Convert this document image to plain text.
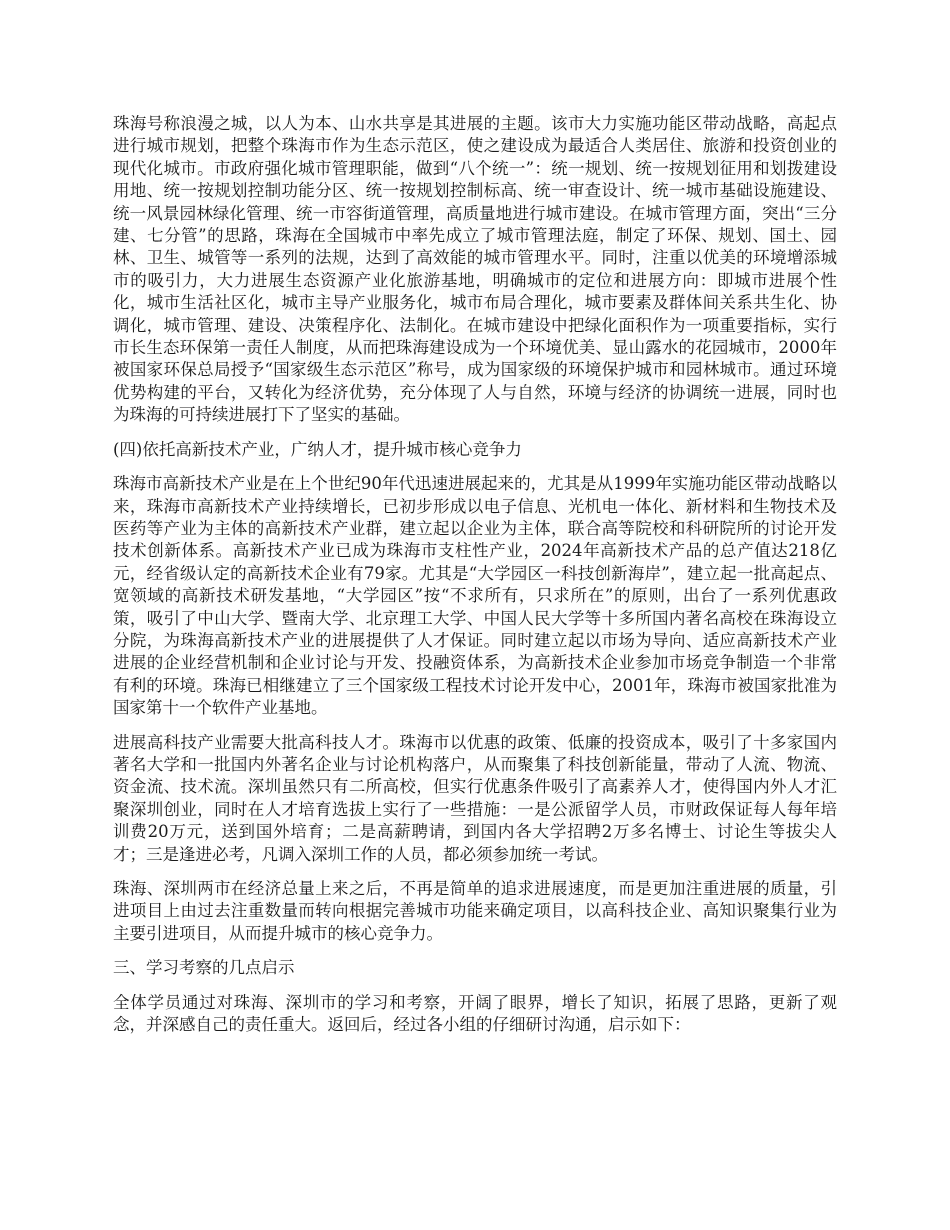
珠海号称浪漫之城，以人为本、山水共享是其进展的主题。该市大力实施功能区带动战略，高起点进行城市规划，把整个珠海市作为生态示范区，使之建设成为最适合人类居住、旅游和投资创业的现代化城市。市政府强化城市管理职能，做到“八个统一”：统一规划、统一按规划征用和划拨建设用地、统一按规划控制功能分区、统一按规划控制标高、统一审查设计、统一城市基础设施建设、统一风景园林绿化管理、统一市容街道管理，高质量地进行城市建设。在城市管理方面，突出“三分建、七分管”的思路，珠海在全国城市中率先成立了城市管理法庭，制定了环保、规划、国土、园林、卫生、城管等一系列的法规，达到了高效能的城市管理水平。同时，注重以优美的环境增添城市的吸引力，大力进展生态资源产业化旅游基地，明确城市的定位和进展方向：即城市进展个性化，城市生活社区化，城市主导产业服务化，城市布局合理化，城市要素及群体间关系共生化、协调化，城市管理、建设、决策程序化、法制化。在城市建设中把绿化面积作为一项重要指标，实行市长生态环保第一责任人制度，从而把珠海建设成为一个环境优美、显山露水的花园城市，2000年被国家环保总局授予“国家级生态示范区”称号，成为国家级的环境保护城市和园林城市。通过环境优势构建的平台，又转化为经济优势，充分体现了人与自然，环境与经济的协调统一进展，同时也为珠海的可持续进展打下了坚实的基础。

(四)依托高新技术产业，广纳人才，提升城市核心竞争力

珠海市高新技术产业是在上个世纪90年代迅速进展起来的，尤其是从1999年实施功能区带动战略以来，珠海市高新技术产业持续增长，已初步形成以电子信息、光机电一体化、新材料和生物技术及医药等产业为主体的高新技术产业群，建立起以企业为主体，联合高等院校和科研院所的讨论开发技术创新体系。高新技术产业已成为珠海市支柱性产业，2024年高新技术产品的总产值达218亿元，经省级认定的高新技术企业有79家。尤其是“大学园区一科技创新海岸”，建立起一批高起点、宽领域的高新技术研发基地，“大学园区”按“不求所有，只求所在”的原则，出台了一系列优惠政策，吸引了中山大学、暨南大学、北京理工大学、中国人民大学等十多所国内著名高校在珠海设立分院，为珠海高新技术产业的进展提供了人才保证。同时建立起以市场为导向、适应高新技术产业进展的企业经营机制和企业讨论与开发、投融资体系，为高新技术企业参加市场竞争制造一个非常有利的环境。珠海已相继建立了三个国家级工程技术讨论开发中心，2001年，珠海市被国家批准为国家第十一个软件产业基地。

进展高科技产业需要大批高科技人才。珠海市以优惠的政策、低廉的投资成本，吸引了十多家国内著名大学和一批国内外著名企业与讨论机构落户，从而聚集了科技创新能量，带动了人流、物流、资金流、技术流。深圳虽然只有二所高校，但实行优惠条件吸引了高素养人才，使得国内外人才汇聚深圳创业，同时在人才培育选拔上实行了一些措施：一是公派留学人员，市财政保证每人每年培训费20万元，送到国外培育；二是高薪聘请，到国内各大学招聘2万多名博士、讨论生等拔尖人才；三是逢进必考，凡调入深圳工作的人员，都必须参加统一考试。

珠海、深圳两市在经济总量上来之后，不再是简单的追求进展速度，而是更加注重进展的质量，引进项目上由过去注重数量而转向根据完善城市功能来确定项目，以高科技企业、高知识聚集行业为主要引进项目，从而提升城市的核心竞争力。

三、学习考察的几点启示

全体学员通过对珠海、深圳市的学习和考察，开阔了眼界，增长了知识，拓展了思路，更新了观念，并深感自己的责任重大。返回后，经过各小组的仔细研讨沟通，启示如下：
